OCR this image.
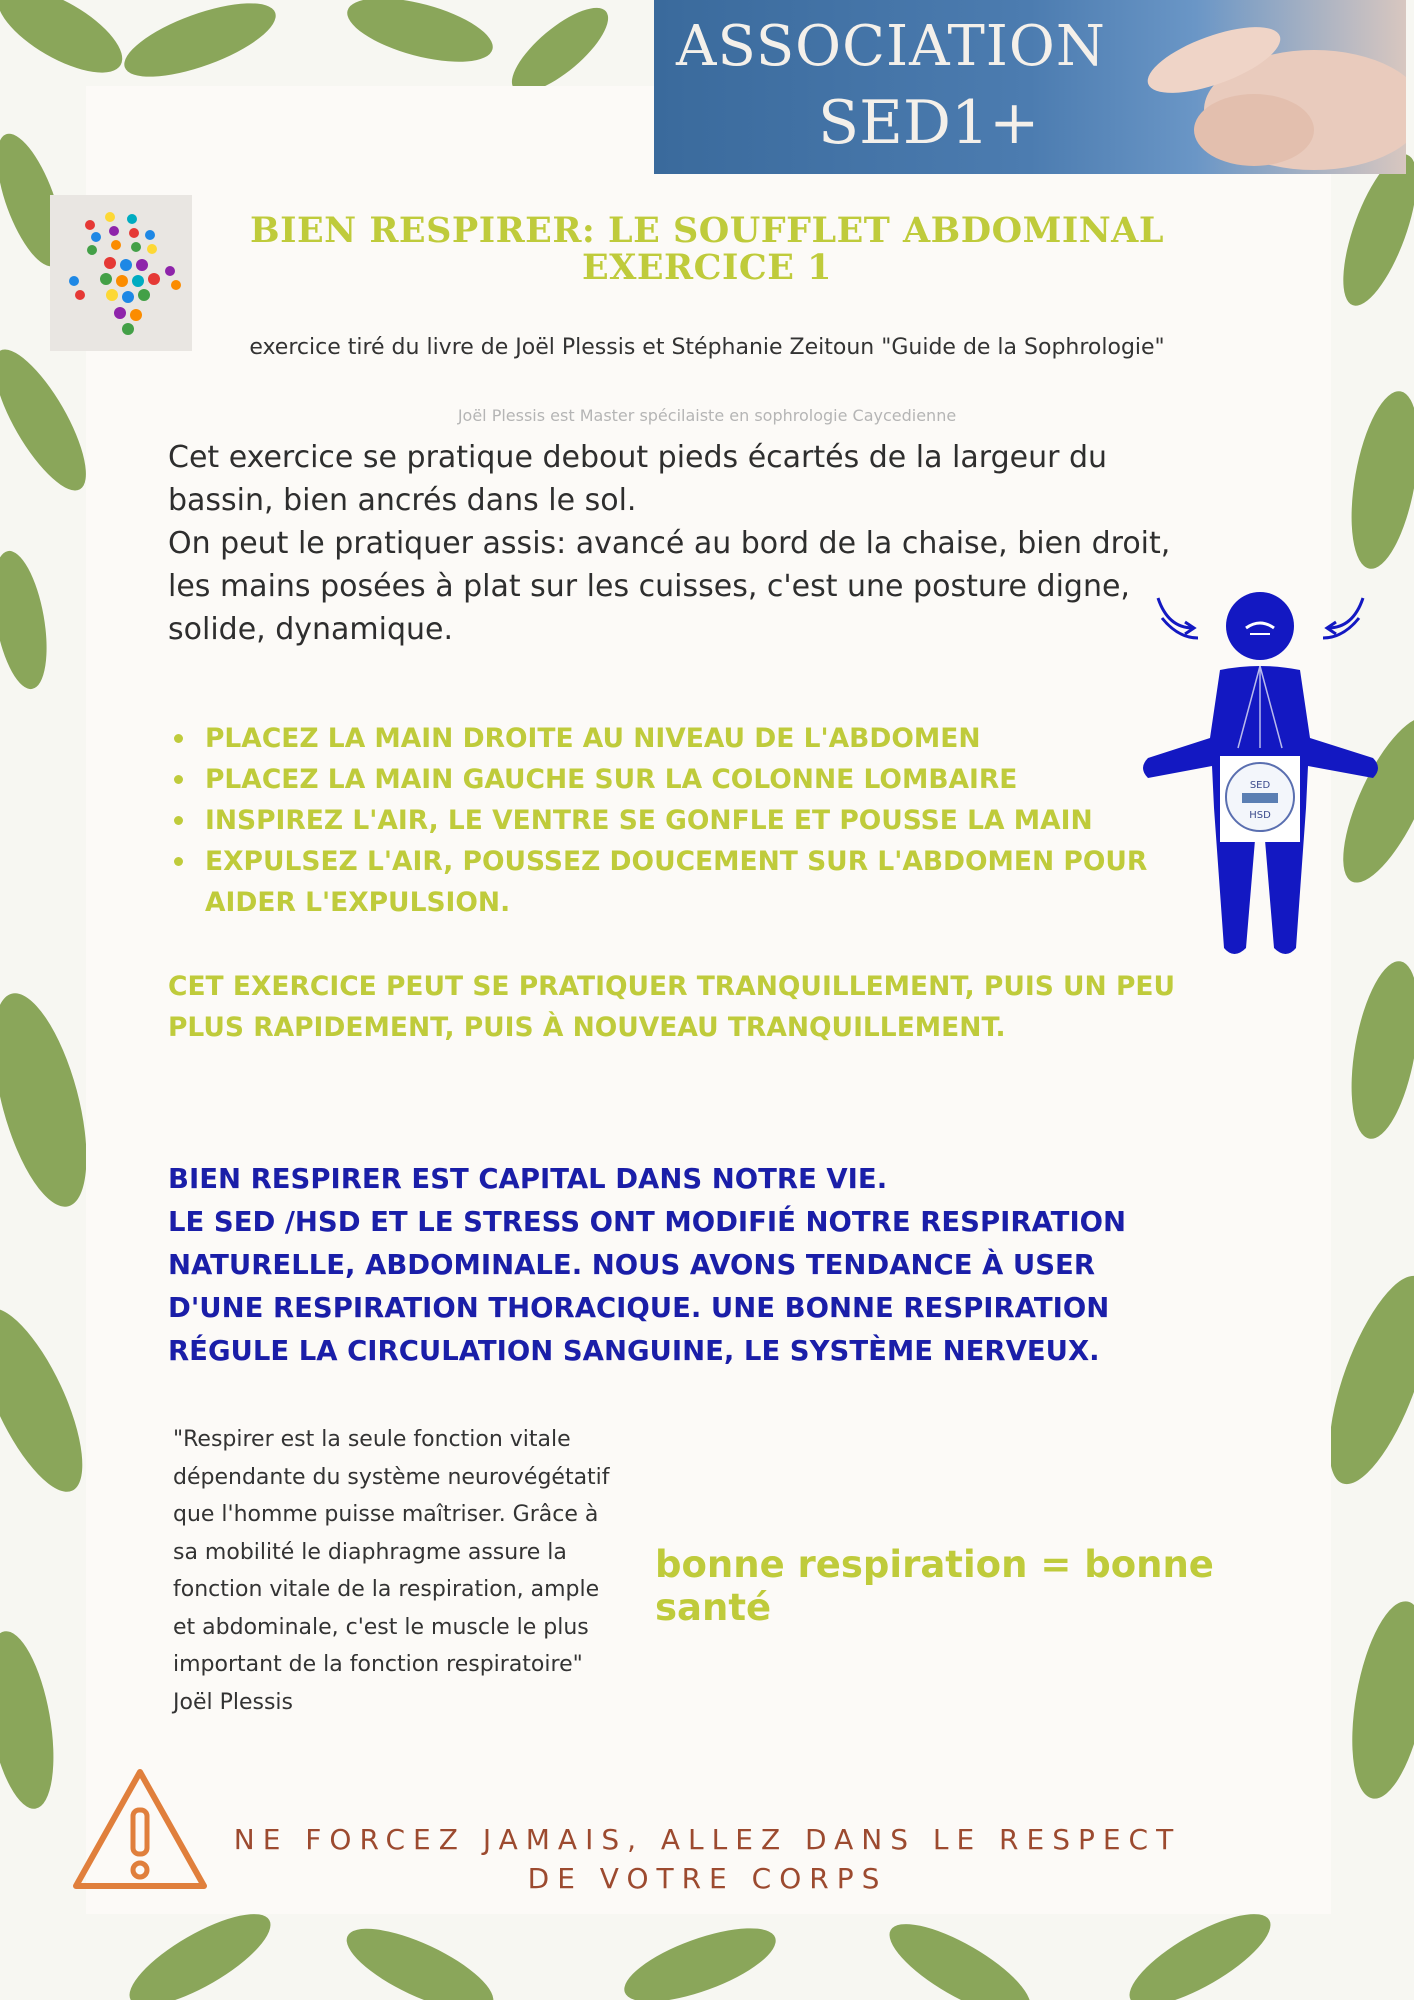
ASSOCIATION
SED1+
BIEN RESPIRER: LE SOUFFLET ABDOMINAL
EXERCICE 1
exercice tiré du livre de Joël Plessis et Stéphanie Zeitoun "Guide de la Sophrologie"
Joël Plessis est Master spécilaiste en sophrologie Caycedienne

Cet exercice se pratique debout pieds écartés de la largeur du bassin, bien ancrés dans le sol.

On peut le pratiquer assis: avancé au bord de la chaise, bien droit, les mains posées à plat sur les cuisses, c'est une posture digne, solide, dynamique.

PLACEZ LA MAIN DROITE AU NIVEAU DE L'ABDOMEN
PLACEZ LA MAIN GAUCHE SUR LA COLONNE LOMBAIRE
INSPIREZ L'AIR, LE VENTRE SE GONFLE ET POUSSE LA MAIN
EXPULSEZ L'AIR, POUSSEZ DOUCEMENT SUR L'ABDOMEN POUR AIDER L'EXPULSION.
CET EXERCICE PEUT SE PRATIQUER TRANQUILLEMENT, PUIS UN PEU PLUS RAPIDEMENT, PUIS À NOUVEAU TRANQUILLEMENT.
BIEN RESPIRER EST CAPITAL DANS NOTRE VIE.
LE SED /HSD ET LE STRESS ONT MODIFIÉ NOTRE RESPIRATION NATURELLE, ABDOMINALE. NOUS AVONS TENDANCE À USER D'UNE RESPIRATION THORACIQUE. UNE BONNE RESPIRATION RÉGULE LA CIRCULATION SANGUINE, LE SYSTÈME NERVEUX.
"Respirer est la seule fonction vitale dépendante du système neurovégétatif que l'homme puisse maîtriser. Grâce à sa mobilité le diaphragme assure la fonction vitale de la respiration, ample et abdominale, c'est le muscle le plus important de la fonction respiratoire" Joël Plessis
bonne respiration = bonne santé
SED
HSD
NE FORCEZ JAMAIS, ALLEZ DANS LE RESPECT DE VOTRE CORPS
